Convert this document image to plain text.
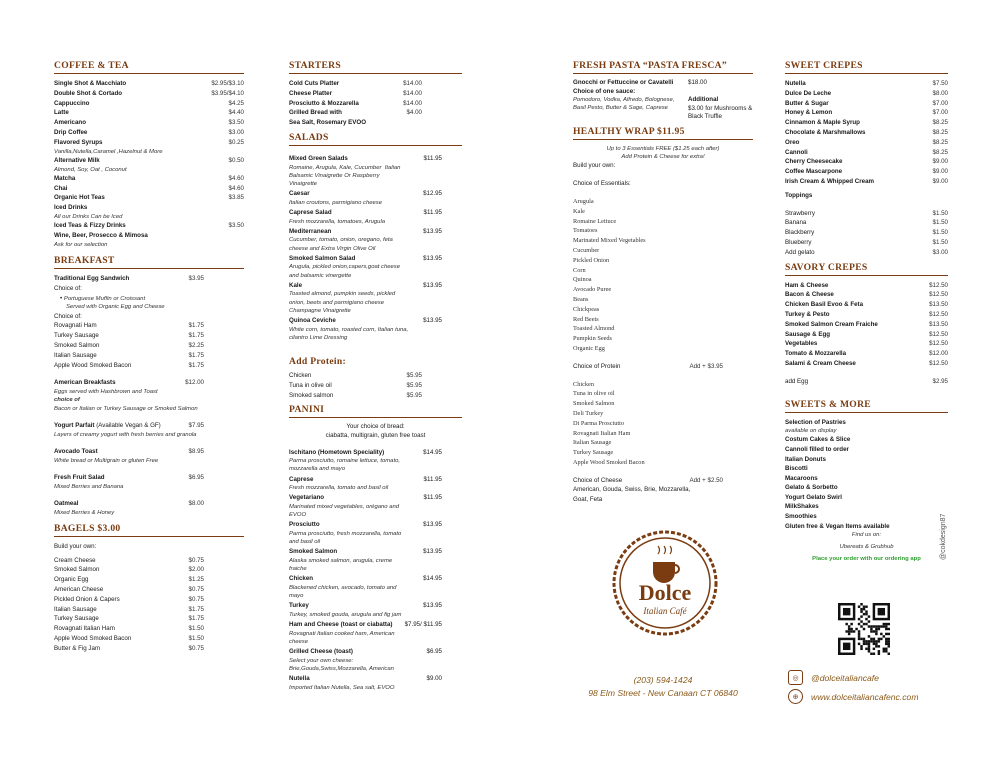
COFFEE & TEA
Single Shot & Macchiato	$2.95/$3.10
Double Shot & Cortado	$3.95/$4.10
Cappuccino	$4.25
Latte	$4.40
Americano	$3.50
Drip Coffee	$3.00
Flavored Syrups	$0.25
Vanilla,Nutella,Caramel ,Hazelnut & More
Alternative Milk	$0.50
Almond, Soy, Oat , Coconut
Matcha	$4.60
Chai	$4.60
Organic Hot Teas	$3.85
Iced Drinks
All our Drinks Can be Iced
Iced Teas & Fizzy Drinks	$3.50
Wine, Beer, Prosecco & Mimosa
Ask for our selection
BREAKFAST
Traditional Egg Sandwich	$3.95
Choice of:
• Portuguese Muffin or Croissant
Served with Organic Egg and Cheese
Choice of:
Rovagnati Ham	$1.75
Turkey Sausage	$1.75
Smoked Salmon	$2.25
Italian Sausage	$1.75
Apple Wood Smoked Bacon	$1.75
American Breakfasts	$12.00
Eggs served with Hashbrown and Toast
choice of
Bacon or Italian or Turkey Sausage or Smoked Salmon
Yogurt Parfait (Available Vegan & GF)	$7.95
Layers of creamy yogurt with fresh berries and granola
Avocado Toast	$8.95
White bread or Multigrain or gluten Free
Fresh Fruit Salad	$6.95
Mixed Berries and Banana
Oatmeal	$8.00
Mixed Berries & Honey
BAGELS $3.00
Build your own:
Cream Cheese	$0.75
Smoked Salmon	$2.00
Organic Egg	$1.25
American Cheese	$0.75
Pickled Onion & Capers	$0.75
Italian Sausage	$1.75
Turkey Sausage	$1.75
Rovagnati Italian Ham	$1.50
Apple Wood Smoked Bacon	$1.50
Butter & Fig Jam	$0.75
STARTERS
Cold Cuts Platter	$14.00
Cheese Platter	$14.00
Prosciutto & Mozzarella	$14.00
Grilled Bread with	$4.00
Sea Salt, Rosemary EVOO
SALADS
Mixed Green Salads	$11.95
Romaine, Arugula, Kale, Cucumber  Italian Balsamic Vinaigrette Or Raspberry Vinaigrette
Caesar	$12.95
Italian croutons, parmigiano cheese
Caprese Salad	$11.95
Fresh mozzarella, tomatoes, Arugula
Mediterranean	$13.95
Cucumber, tomato, onion, oregano, feta cheese and Extra Virgin Olive Oil
Smoked Salmon Salad	$13.95
Arugula, pickled onion,capers,goat cheese and balsamic vinergette
Kale	$13.95
Toasted almond, pumpkin seeds, pickled onion, beets and parmigiano cheese Champagne Vinaigrette
Quinoa Ceviche	$13.95
White corn, tomato, roasted corn, Italian tuna, cilantro Lime Dressing
Add Protein:
Chicken	$5.95
Tuna in olive oil	$5.95
Smoked salmon	$5.95
PANINI
Your choice of bread:
ciabatta, multigrain, gluten free toast
Ischitano (Hometown Speciality)	$14.95
Parma prosciutto, romaine lettuce, tomato, mozzarella and mayo
Caprese	$11.95
Fresh mozzarella, tomato and basil oil
Vegetariano	$11.95
Marinated mixed vegetables, orégano and EVOO
Prosciutto	$13.95
Parma prosciutto, fresh mozzarella, tomato and basil oil
Smoked Salmon	$13.95
Alaska smoked salmon, arugula, creme fraiche
Chicken	$14.95
Blackened chicken, avocado, tomato and mayo
Turkey	$13.95
Turkey, smoked gouda, arugula and fig jam
Ham and Cheese (toast or ciabatta)	$7.95/ $11.95
Rovagnati Italian cooked ham, American cheese
Grilled Cheese (toast)	$6.95
Select your own cheese: Brie,Gouda,Swiss,Mozzarella, American
Nutella	$9.00
Imported Italian Nutella, Sea salt, EVOO
FRESH PASTA “PASTA FRESCA”
Gnocchi or Fettuccine or Cavatelli
Choice of one sauce:
Pomodoro, Vodka, Alfredo, Bolognese, Basil Pesto, Butter & Sage, Caprese
$18.00
Additional
$3.00 for Mushrooms & Black Truffle
HEALTHY WRAP $11.95
Up to 3 Essentials FREE ($1.25 each after)
Add Protein & Cheese for extra!
Build your own:
Choice of Essentials:
Arugula
Kale
Romaine Lettuce
Tomatoes
Marinated Mixed Vegetables
Cucumber
Pickled Onion
Corn
Quinoa
Avocado Puree
Beans
Chickpeas
Red Beets
Toasted Almond
Pumpkin Seeds
Organic Egg
Choice of Protein	Add + $3.95
Chicken
Tuna in olive oil
Smoked Salmon
Deli Turkey
Di Parma Prosciutto
Rovagnati Italian Ham
Italian Sausage
Turkey Sausage
Apple Wood Smoked Bacon
Choice of Cheese	Add + $2.50
American, Gouda, Swiss, Brie, Mozzarella, Goat, Feta
Dolce
Italian Café
(203) 594-1424
98 Elm Street - New Canaan CT 06840
SWEET CREPES
Nutella	$7.50
Dulce De Leche	$8.00
Butter & Sugar	$7.00
Honey & Lemon	$7.00
Cinnamon & Maple Syrup	$8.25
Chocolate & Marshmallows	$8.25
Oreo	$8.25
Cannoli	$8.25
Cherry Cheesecake	$9.00
Coffee Mascarpone	$9.00
Irish Cream & Whipped Cream	$9.00
Toppings
Strawberry	$1.50
Banana	$1.50
Blackberry	$1.50
Blueberry	$1.50
Add gelato	$3.00
SAVORY CREPES
Ham & Cheese	$12.50
Bacon & Cheese	$12.50
Chicken Basil Evoo & Feta	$13.50
Turkey & Pesto	$12.50
Smoked Salmon Cream Fraiche	$13.50
Sausage & Egg	$12.50
Vegetables	$12.50
Tomato & Mozzarella	$12.00
Salami & Cream Cheese	$12.50
add Egg	$2.95
SWEETS & MORE
Selection of Pastries
available on display
Costum Cakes & Slice
Cannoli filled to order
Italian Donuts
Biscotti
Macaroons
Gelato & Sorbetto
Yogurt Gelato Swirl
MilkShakes
Smoothies
Gluten free & Vegan Items available
Find us on:
Ubereats & Grubhub
Place your order with our ordering app	@cokdesign87
◎	@dolceitaliancafe
⊕	www.dolceitaliancafenc.com
